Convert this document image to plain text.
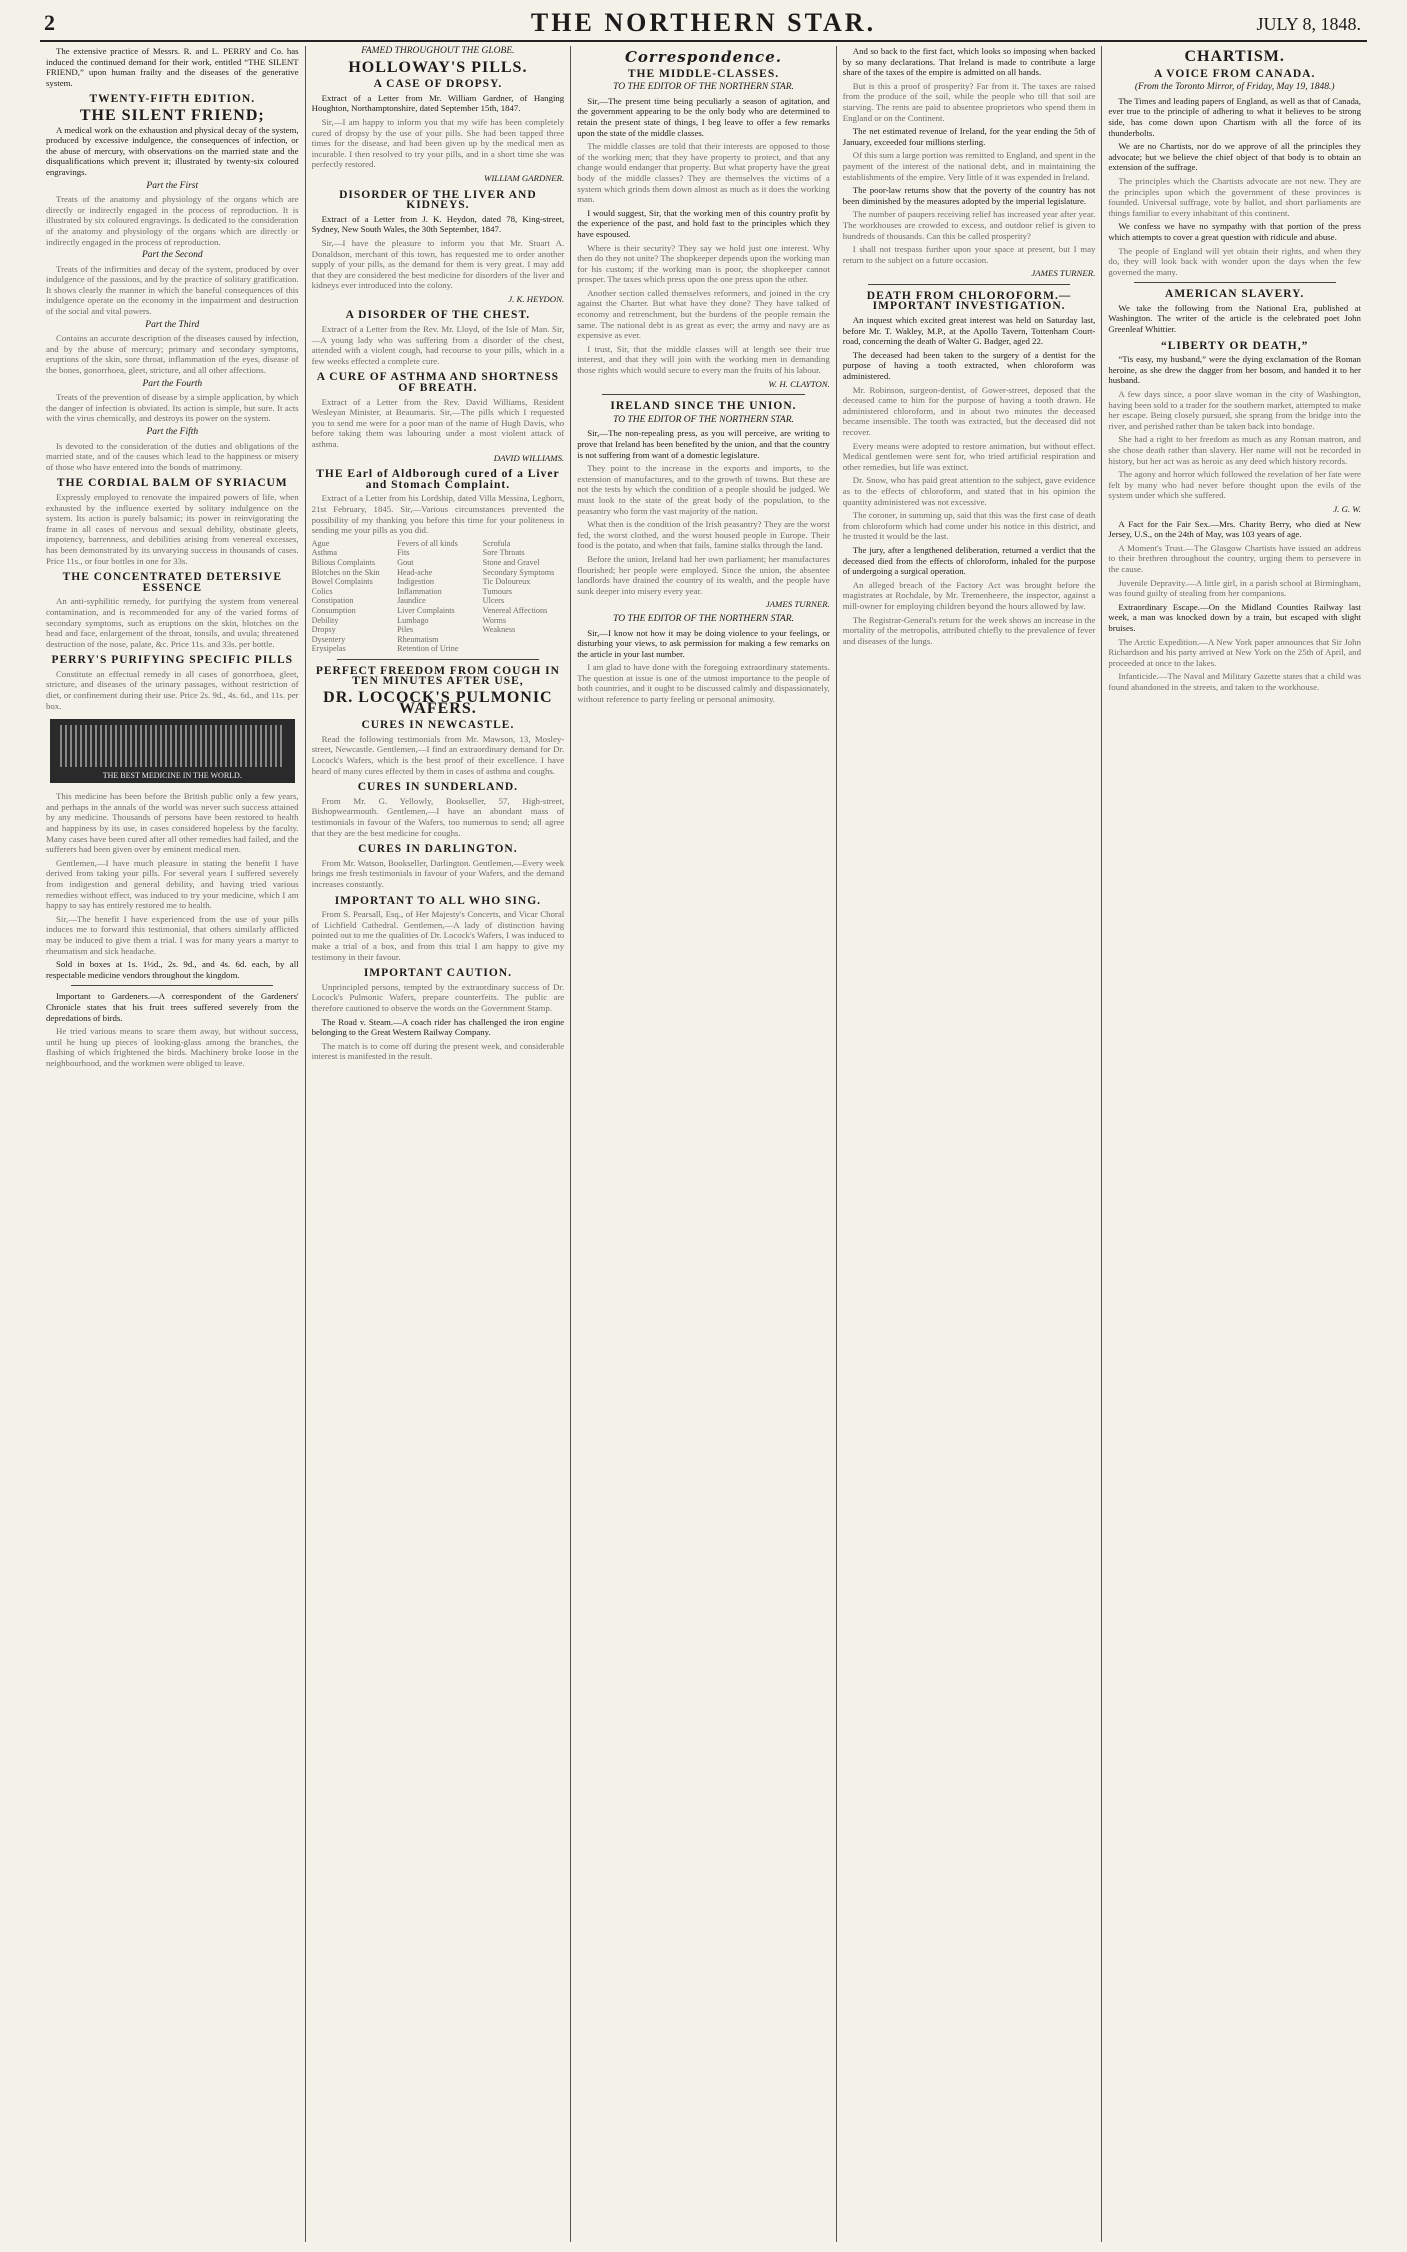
2	THE NORTHERN STAR.	JULY 8, 1848.

The extensive practice of Messrs. R. and L. PERRY and Co. has induced the continued demand for their work, entitled “THE SILENT FRIEND,” upon human frailty and the diseases of the generative system.

TWENTY-FIFTH EDITION.
THE SILENT FRIEND;

A medical work on the exhaustion and physical decay of the system, produced by excessive indulgence, the consequences of infection, or the abuse of mercury, with observations on the married state and the disqualifications which prevent it; illustrated by twenty-six coloured engravings.

Part the First

Treats of the anatomy and physiology of the organs which are directly or indirectly engaged in the process of reproduction. It is illustrated by six coloured engravings. Is dedicated to the consideration of the anatomy and physiology of the organs which are directly or indirectly engaged in the process of reproduction.

Part the Second

Treats of the infirmities and decay of the system, produced by over indulgence of the passions, and by the practice of solitary gratification. It shows clearly the manner in which the baneful consequences of this indulgence operate on the economy in the impairment and destruction of the social and vital powers.

Part the Third

Contains an accurate description of the diseases caused by infection, and by the abuse of mercury; primary and secondary symptoms, eruptions of the skin, sore throat, inflammation of the eyes, disease of the bones, gonorrhoea, gleet, stricture, and all other affections.

Part the Fourth

Treats of the prevention of disease by a simple application, by which the danger of infection is obviated. Its action is simple, but sure. It acts with the virus chemically, and destroys its power on the system.

Part the Fifth

Is devoted to the consideration of the duties and obligations of the married state, and of the causes which lead to the happiness or misery of those who have entered into the bonds of matrimony.

THE CORDIAL BALM OF SYRIACUM

Expressly employed to renovate the impaired powers of life, when exhausted by the influence exerted by solitary indulgence on the system. Its action is purely balsamic; its power in reinvigorating the frame in all cases of nervous and sexual debility, obstinate gleets, impotency, barrenness, and debilities arising from venereal excesses, has been demonstrated by its unvarying success in thousands of cases. Price 11s., or four bottles in one for 33s.

THE CONCENTRATED DETERSIVE ESSENCE

An anti-syphilitic remedy, for purifying the system from venereal contamination, and is recommended for any of the varied forms of secondary symptoms, such as eruptions on the skin, blotches on the head and face, enlargement of the throat, tonsils, and uvula; threatened destruction of the nose, palate, &c. Price 11s. and 33s. per bottle.

PERRY'S PURIFYING SPECIFIC PILLS

Constitute an effectual remedy in all cases of gonorrhoea, gleet, stricture, and diseases of the urinary passages, without restriction of diet, or confinement during their use. Price 2s. 9d., 4s. 6d., and 11s. per box.

THE BEST MEDICINE IN THE WORLD.

This medicine has been before the British public only a few years, and perhaps in the annals of the world was never such success attained by any medicine. Thousands of persons have been restored to health and happiness by its use, in cases considered hopeless by the faculty. Many cases have been cured after all other remedies had failed, and the sufferers had been given over by eminent medical men.

Gentlemen,—I have much pleasure in stating the benefit I have derived from taking your pills. For several years I suffered severely from indigestion and general debility, and having tried various remedies without effect, was induced to try your medicine, which I am happy to say has entirely restored me to health.

Sir,—The benefit I have experienced from the use of your pills induces me to forward this testimonial, that others similarly afflicted may be induced to give them a trial. I was for many years a martyr to rheumatism and sick headache.

Sold in boxes at 1s. 1½d., 2s. 9d., and 4s. 6d. each, by all respectable medicine vendors throughout the kingdom.

Important to Gardeners.—A correspondent of the Gardeners' Chronicle states that his fruit trees suffered severely from the depredations of birds.

He tried various means to scare them away, but without success, until he hung up pieces of looking-glass among the branches, the flashing of which frightened the birds. Machinery broke loose in the neighbourhood, and the workmen were obliged to leave.

FAMED THROUGHOUT THE GLOBE.
HOLLOWAY'S PILLS.
A CASE OF DROPSY.

Extract of a Letter from Mr. William Gardner, of Hanging Houghton, Northamptonshire, dated September 15th, 1847.

Sir,—I am happy to inform you that my wife has been completely cured of dropsy by the use of your pills. She had been tapped three times for the disease, and had been given up by the medical men as incurable. I then resolved to try your pills, and in a short time she was perfectly restored.

WILLIAM GARDNER.
DISORDER OF THE LIVER AND KIDNEYS.

Extract of a Letter from J. K. Heydon, dated 78, King-street, Sydney, New South Wales, the 30th September, 1847.

Sir,—I have the pleasure to inform you that Mr. Stuart A. Donaldson, merchant of this town, has requested me to order another supply of your pills, as the demand for them is very great. I may add that they are considered the best medicine for disorders of the liver and kidneys ever introduced into the colony.

J. K. HEYDON.
A DISORDER OF THE CHEST.

Extract of a Letter from the Rev. Mr. Lloyd, of the Isle of Man. Sir,—A young lady who was suffering from a disorder of the chest, attended with a violent cough, had recourse to your pills, which in a few weeks effected a complete cure.

A CURE OF ASTHMA AND SHORTNESS OF BREATH.

Extract of a Letter from the Rev. David Williams, Resident Wesleyan Minister, at Beaumaris. Sir,—The pills which I requested you to send me were for a poor man of the name of Hugh Davis, who before taking them was labouring under a most violent attack of asthma.

DAVID WILLIAMS.
THE Earl of Aldborough cured of a Liver and Stomach Complaint.

Extract of a Letter from his Lordship, dated Villa Messina, Leghorn, 21st February, 1845. Sir,—Various circumstances prevented the possibility of my thanking you before this time for your politeness in sending me your pills as you did.

Ague
Asthma
Bilious Complaints
Blotches on the Skin
Bowel Complaints
Colics
Constipation
Consumption
Debility
Dropsy
Dysentery
Erysipelas
Fevers of all kinds
Fits
Gout
Head-ache
Indigestion
Inflammation
Jaundice
Liver Complaints
Lumbago
Piles
Rheumatism
Retention of Urine
Scrofula
Sore Throats
Stone and Gravel
Secondary Symptoms
Tic Doloureux
Tumours
Ulcers
Venereal Affections
Worms
Weakness
PERFECT FREEDOM FROM COUGH IN TEN MINUTES AFTER USE,
DR. LOCOCK'S PULMONIC WAFERS.
CURES IN NEWCASTLE.

Read the following testimonials from Mr. Mawson, 13, Mosley-street, Newcastle. Gentlemen,—I find an extraordinary demand for Dr. Locock's Wafers, which is the best proof of their excellence. I have heard of many cures effected by them in cases of asthma and coughs.

CURES IN SUNDERLAND.

From Mr. G. Yellowly, Bookseller, 57, High-street, Bishopwearmouth. Gentlemen,—I have an abundant mass of testimonials in favour of the Wafers, too numerous to send; all agree that they are the best medicine for coughs.

CURES IN DARLINGTON.

From Mr. Watson, Bookseller, Darlington. Gentlemen,—Every week brings me fresh testimonials in favour of your Wafers, and the demand increases constantly.

IMPORTANT TO ALL WHO SING.

From S. Pearsall, Esq., of Her Majesty's Concerts, and Vicar Choral of Lichfield Cathedral. Gentlemen,—A lady of distinction having pointed out to me the qualities of Dr. Locock's Wafers, I was induced to make a trial of a box, and from this trial I am happy to give my testimony in their favour.

IMPORTANT CAUTION.

Unprincipled persons, tempted by the extraordinary success of Dr. Locock's Pulmonic Wafers, prepare counterfeits. The public are therefore cautioned to observe the words on the Government Stamp.

The Road v. Steam.—A coach rider has challenged the iron engine belonging to the Great Western Railway Company.

The match is to come off during the present week, and considerable interest is manifested in the result.

Correspondence.
THE MIDDLE-CLASSES.
TO THE EDITOR OF THE NORTHERN STAR.

Sir,—The present time being peculiarly a season of agitation, and the government appearing to be the only body who are determined to retain the present state of things, I beg leave to offer a few remarks upon the state of the middle classes.

The middle classes are told that their interests are opposed to those of the working men; that they have property to protect, and that any change would endanger that property. But what property have the great body of the middle classes? They are themselves the victims of a system which grinds them down almost as much as it does the working man.

I would suggest, Sir, that the working men of this country profit by the experience of the past, and hold fast to the principles which they have espoused.

Where is their security? They say we hold just one interest. Why then do they not unite? The shopkeeper depends upon the working man for his custom; if the working man is poor, the shopkeeper cannot prosper. The taxes which press upon the one press upon the other.

Another section called themselves reformers, and joined in the cry against the Charter. But what have they done? They have talked of economy and retrenchment, but the burdens of the people remain the same. The national debt is as great as ever; the army and navy are as expensive as ever.

I trust, Sir, that the middle classes will at length see their true interest, and that they will join with the working men in demanding those rights which would secure to every man the fruits of his labour.

W. H. CLAYTON.
IRELAND SINCE THE UNION.
TO THE EDITOR OF THE NORTHERN STAR.

Sir,—The non-repealing press, as you will perceive, are writing to prove that Ireland has been benefited by the union, and that the country is not suffering from want of a domestic legislature.

They point to the increase in the exports and imports, to the extension of manufactures, and to the growth of towns. But these are not the tests by which the condition of a people should be judged. We must look to the state of the great body of the population, to the peasantry who form the vast majority of the nation.

What then is the condition of the Irish peasantry? They are the worst fed, the worst clothed, and the worst housed people in Europe. Their food is the potato, and when that fails, famine stalks through the land.

Before the union, Ireland had her own parliament; her manufactures flourished; her people were employed. Since the union, the absentee landlords have drained the country of its wealth, and the people have sunk deeper into misery every year.

JAMES TURNER.
TO THE EDITOR OF THE NORTHERN STAR.

Sir,—I know not how it may be doing violence to your feelings, or disturbing your views, to ask permission for making a few remarks on the article in your last number.

I am glad to have done with the foregoing extraordinary statements. The question at issue is one of the utmost importance to the people of both countries, and it ought to be discussed calmly and dispassionately, without reference to party feeling or personal animosity.

And so back to the first fact, which looks so imposing when backed by so many declarations. That Ireland is made to contribute a large share of the taxes of the empire is admitted on all hands.

But is this a proof of prosperity? Far from it. The taxes are raised from the produce of the soil, while the people who till that soil are starving. The rents are paid to absentee proprietors who spend them in England or on the Continent.

The net estimated revenue of Ireland, for the year ending the 5th of January, exceeded four millions sterling.

Of this sum a large portion was remitted to England, and spent in the payment of the interest of the national debt, and in maintaining the establishments of the empire. Very little of it was expended in Ireland.

The poor-law returns show that the poverty of the country has not been diminished by the measures adopted by the imperial legislature.

The number of paupers receiving relief has increased year after year. The workhouses are crowded to excess, and outdoor relief is given to hundreds of thousands. Can this be called prosperity?

I shall not trespass further upon your space at present, but I may return to the subject on a future occasion.

JAMES TURNER.
DEATH FROM CHLOROFORM.—IMPORTANT INVESTIGATION.

An inquest which excited great interest was held on Saturday last, before Mr. T. Wakley, M.P., at the Apollo Tavern, Tottenham Court-road, concerning the death of Walter G. Badger, aged 22.

The deceased had been taken to the surgery of a dentist for the purpose of having a tooth extracted, when chloroform was administered.

Mr. Robinson, surgeon-dentist, of Gower-street, deposed that the deceased came to him for the purpose of having a tooth drawn. He administered chloroform, and in about two minutes the deceased became insensible. The tooth was extracted, but the deceased did not recover.

Every means were adopted to restore animation, but without effect. Medical gentlemen were sent for, who tried artificial respiration and other remedies, but life was extinct.

Dr. Snow, who has paid great attention to the subject, gave evidence as to the effects of chloroform, and stated that in his opinion the quantity administered was not excessive.

The coroner, in summing up, said that this was the first case of death from chloroform which had come under his notice in this district, and he trusted it would be the last.

The jury, after a lengthened deliberation, returned a verdict that the deceased died from the effects of chloroform, inhaled for the purpose of undergoing a surgical operation.

An alleged breach of the Factory Act was brought before the magistrates at Rochdale, by Mr. Tremenheere, the inspector, against a mill-owner for employing children beyond the hours allowed by law.

The Registrar-General's return for the week shows an increase in the mortality of the metropolis, attributed chiefly to the prevalence of fever and diseases of the lungs.

CHARTISM.
A VOICE FROM CANADA.
(From the Toronto Mirror, of Friday, May 19, 1848.)

The Times and leading papers of England, as well as that of Canada, ever true to the principle of adhering to what it believes to be strong side, has come down upon Chartism with all the force of its thunderbolts.

We are no Chartists, nor do we approve of all the principles they advocate; but we believe the chief object of that body is to obtain an extension of the suffrage.

The principles which the Chartists advocate are not new. They are the principles upon which the government of these provinces is founded. Universal suffrage, vote by ballot, and short parliaments are things familiar to every inhabitant of this continent.

We confess we have no sympathy with that portion of the press which attempts to cover a great question with ridicule and abuse.

The people of England will yet obtain their rights, and when they do, they will look back with wonder upon the days when the few governed the many.

AMERICAN SLAVERY.

We take the following from the National Era, published at Washington. The writer of the article is the celebrated poet John Greenleaf Whittier.

“LIBERTY OR DEATH,”

“Tis easy, my husband,” were the dying exclamation of the Roman heroine, as she drew the dagger from her bosom, and handed it to her husband.

A few days since, a poor slave woman in the city of Washington, having been sold to a trader for the southern market, attempted to make her escape. Being closely pursued, she sprang from the bridge into the river, and perished rather than be taken back into bondage.

She had a right to her freedom as much as any Roman matron, and she chose death rather than slavery. Her name will not be recorded in history, but her act was as heroic as any deed which history records.

The agony and horror which followed the revelation of her fate were felt by many who had never before thought upon the evils of the system under which she suffered.

J. G. W.

A Fact for the Fair Sex.—Mrs. Charity Berry, who died at New Jersey, U.S., on the 24th of May, was 103 years of age.

A Moment's Trust.—The Glasgow Chartists have issued an address to their brethren throughout the country, urging them to persevere in the cause.

Juvenile Depravity.—A little girl, in a parish school at Birmingham, was found guilty of stealing from her companions.

Extraordinary Escape.—On the Midland Counties Railway last week, a man was knocked down by a train, but escaped with slight bruises.

The Arctic Expedition.—A New York paper announces that Sir John Richardson and his party arrived at New York on the 25th of April, and proceeded at once to the lakes.

Infanticide.—The Naval and Military Gazette states that a child was found abandoned in the streets, and taken to the workhouse.
